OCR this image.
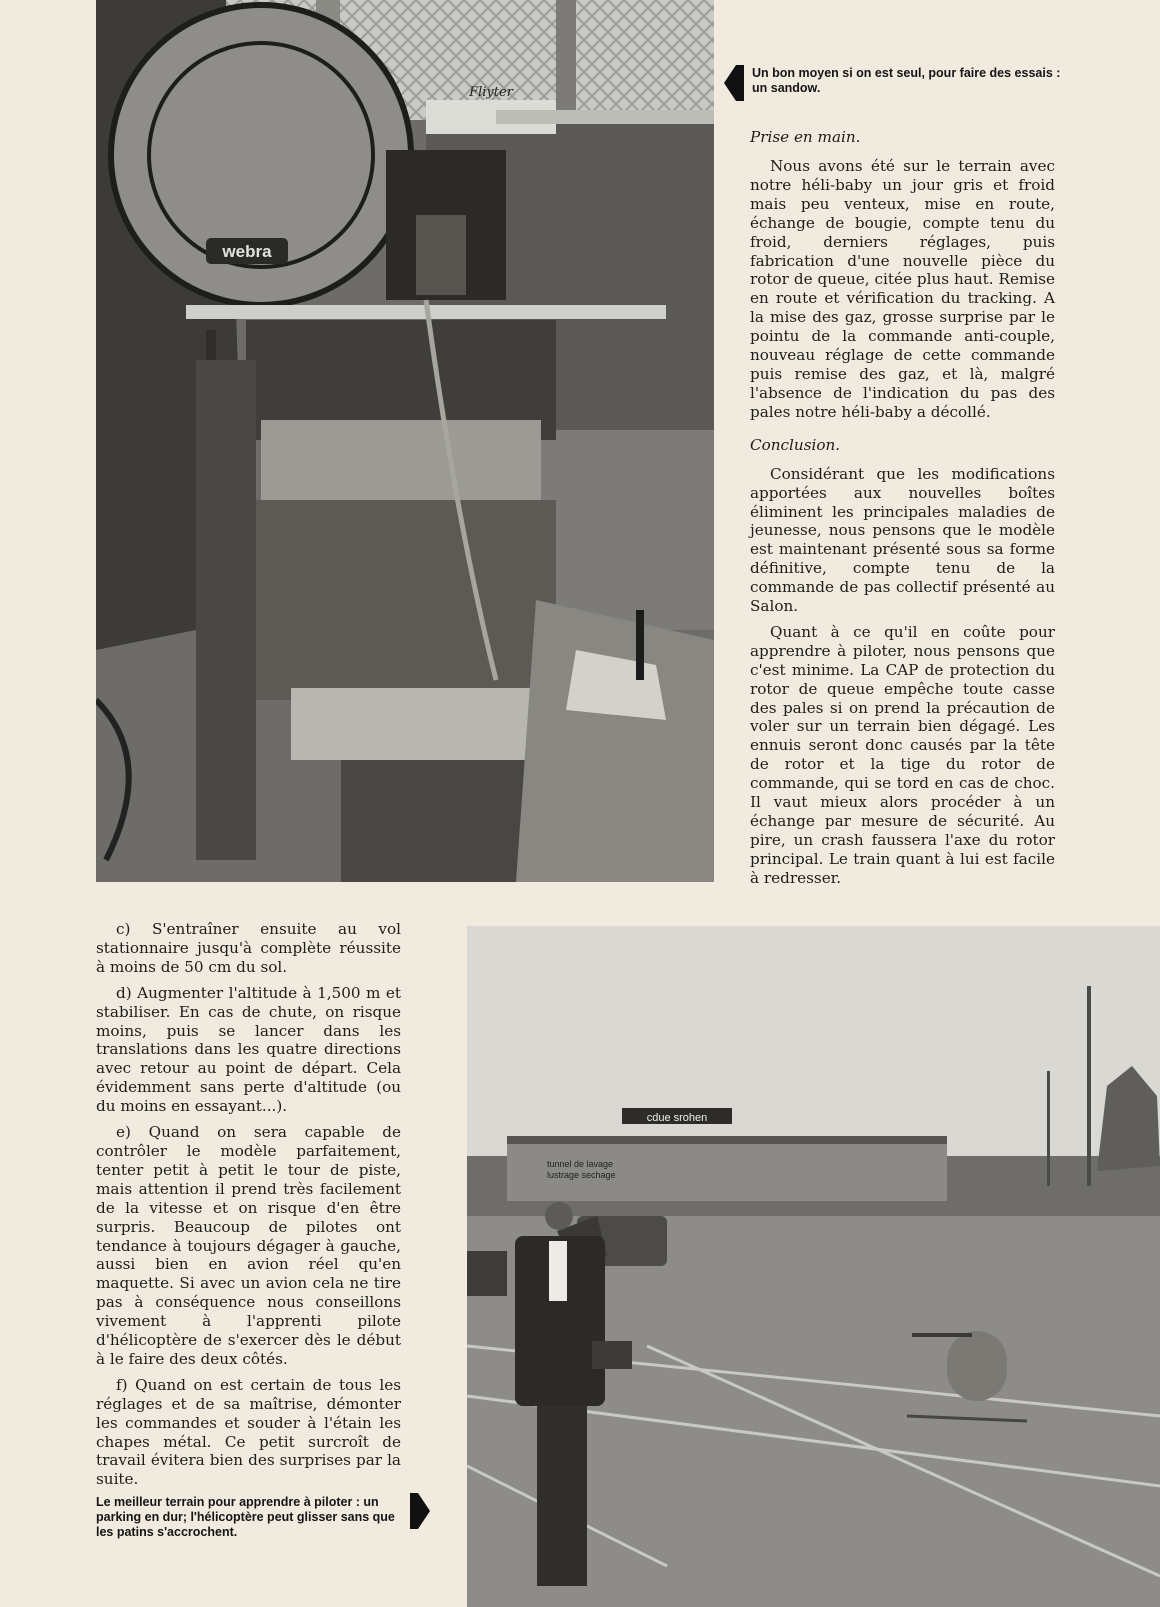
webra
Fliyter
Un bon moyen si on est seul, pour faire des essais : un sandow.
Prise en main.

Nous avons été sur le terrain avec notre héli-baby un jour gris et froid mais peu venteux, mise en route, échange de bougie, compte tenu du froid, derniers réglages, puis fabrication d'une nouvelle pièce du rotor de queue, citée plus haut. Remise en route et vérification du tracking. A la mise des gaz, grosse surprise par le pointu de la commande anti-couple, nouveau réglage de cette commande puis remise des gaz, et là, malgré l'absence de l'indication du pas des pales notre héli-baby a décollé.

Conclusion.

Considérant que les modifications apportées aux nouvelles boîtes éliminent les principales maladies de jeunesse, nous pensons que le modèle est maintenant présenté sous sa forme définitive, compte tenu de la commande de pas collectif présenté au Salon.

Quant à ce qu'il en coûte pour apprendre à piloter, nous pensons que c'est minime. La CAP de protection du rotor de queue empêche toute casse des pales si on prend la précaution de voler sur un terrain bien dégagé. Les ennuis seront donc causés par la tête de rotor et la tige du rotor de commande, qui se tord en cas de choc. Il vaut mieux alors procéder à un échange par mesure de sécurité. Au pire, un crash faussera l'axe du rotor principal. Le train quant à lui est facile à redresser.

c) S'entraîner ensuite au vol stationnaire jusqu'à complète réussite à moins de 50 cm du sol.

d) Augmenter l'altitude à 1,500 m et stabiliser. En cas de chute, on risque moins, puis se lancer dans les translations dans les quatre directions avec retour au point de départ. Cela évidemment sans perte d'altitude (ou du moins en essayant...).

e) Quand on sera capable de contrôler le modèle parfaitement, tenter petit à petit le tour de piste, mais attention il prend très facilement de la vitesse et on risque d'en être surpris. Beaucoup de pilotes ont tendance à toujours dégager à gauche, aussi bien en avion réel qu'en maquette. Si avec un avion cela ne tire pas à conséquence nous conseillons vivement à l'apprenti pilote d'hélicoptère de s'exercer dès le début à le faire des deux côtés.

f) Quand on est certain de tous les réglages et de sa maîtrise, démonter les commandes et souder à l'étain les chapes métal. Ce petit surcroît de travail évitera bien des surprises par la suite.

Le meilleur terrain pour apprendre à piloter : un parking en dur; l'hélicoptère peut glisser sans que les patins s'accrochent.
cdue srohen
tunnel de lavage
lustrage sechage
